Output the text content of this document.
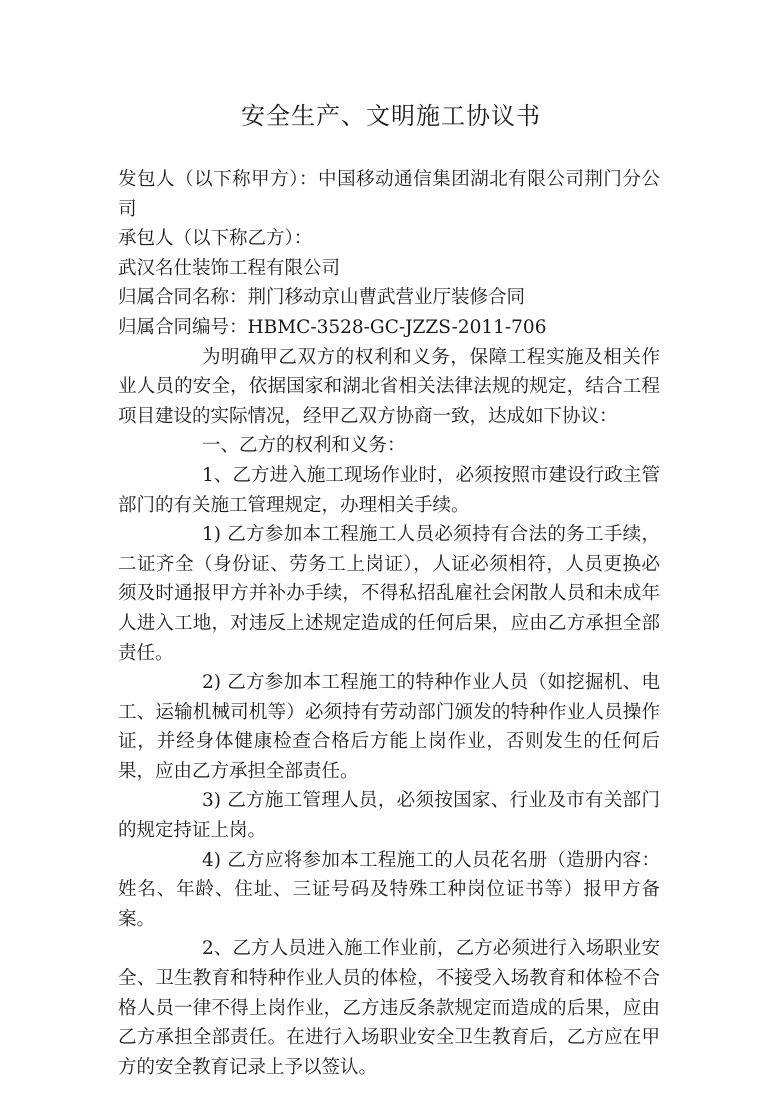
安全生产、文明施工协议书

发包人（以下称甲方）：中国移动通信集团湖北有限公司荆门分公司

承包人（以下称乙方）：

武汉名仕装饰工程有限公司

归属合同名称：荆门移动京山曹武营业厅装修合同

归属合同编号：HBMC-3528-GC-JZZS-2011-706

为明确甲乙双方的权利和义务，保障工程实施及相关作业人员的安全，依据国家和湖北省相关法律法规的规定，结合工程项目建设的实际情况，经甲乙双方协商一致，达成如下协议：

一、乙方的权利和义务：

1、乙方进入施工现场作业时，必须按照市建设行政主管部门的有关施工管理规定，办理相关手续。

1) 乙方参加本工程施工人员必须持有合法的务工手续，二证齐全（身份证、劳务工上岗证），人证必须相符，人员更换必须及时通报甲方并补办手续，不得私招乱雇社会闲散人员和未成年人进入工地，对违反上述规定造成的任何后果，应由乙方承担全部责任。

2) 乙方参加本工程施工的特种作业人员（如挖掘机、电工、运输机械司机等）必须持有劳动部门颁发的特种作业人员操作证，并经身体健康检查合格后方能上岗作业，否则发生的任何后果，应由乙方承担全部责任。

3) 乙方施工管理人员，必须按国家、行业及市有关部门的规定持证上岗。

4) 乙方应将参加本工程施工的人员花名册（造册内容：姓名、年龄、住址、三证号码及特殊工种岗位证书等）报甲方备案。

2、乙方人员进入施工作业前，乙方必须进行入场职业安全、卫生教育和特种作业人员的体检，不接受入场教育和体检不合格人员一律不得上岗作业，乙方违反条款规定而造成的后果，应由乙方承担全部责任。在进行入场职业安全卫生教育后，乙方应在甲方的安全教育记录上予以签认。
